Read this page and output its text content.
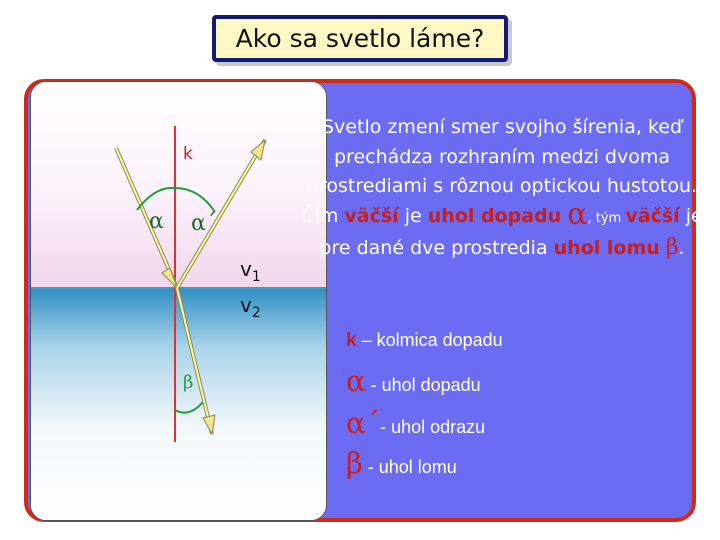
Ako sa svetlo láme?
k
α α´
β
$v_1$
$v_2$
Svetlo zmení smer svojho šírenia, keď prechádza rozhraním medzi dvoma prostrediami s rôznou optickou hustotou. Čím väčší je uhol dopadu α, tým väčší je pre dané dve prostredia uhol lomu β.
k – kolmica dopadu
α - uhol dopadu
α´- uhol odrazu
β - uhol lomu
